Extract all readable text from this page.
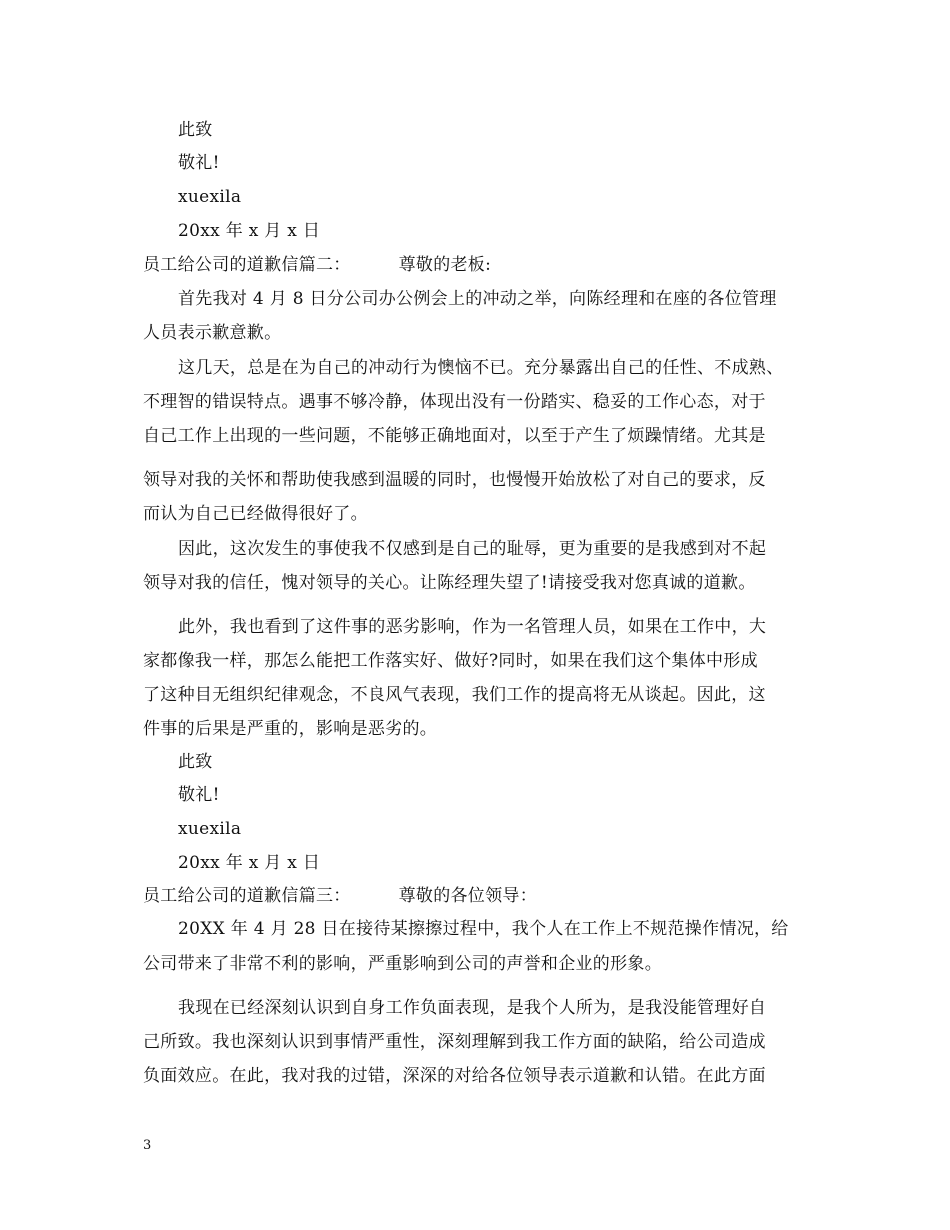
此致
敬礼!
xuexila
20xx 年 x 月 x 日
员工给公司的道歉信篇二：	尊敬的老板:
首先我对 4 月 8 日分公司办公例会上的冲动之举，向陈经理和在座的各位管理
人员表示歉意歉。
这几天，总是在为自己的冲动行为懊恼不已。充分暴露出自己的任性、不成熟、
不理智的错误特点。遇事不够冷静，体现出没有一份踏实、稳妥的工作心态，对于
自己工作上出现的一些问题，不能够正确地面对，以至于产生了烦躁情绪。尤其是
领导对我的关怀和帮助使我感到温暖的同时，也慢慢开始放松了对自己的要求，反
而认为自己已经做得很好了。
因此，这次发生的事使我不仅感到是自己的耻辱，更为重要的是我感到对不起
领导对我的信任，愧对领导的关心。让陈经理失望了!请接受我对您真诚的道歉。
此外，我也看到了这件事的恶劣影响，作为一名管理人员，如果在工作中，大
家都像我一样，那怎么能把工作落实好、做好?同时，如果在我们这个集体中形成
了这种目无组织纪律观念，不良风气表现，我们工作的提高将无从谈起。因此，这
件事的后果是严重的，影响是恶劣的。
此致
敬礼!
xuexila
20xx 年 x 月 x 日
员工给公司的道歉信篇三：	尊敬的各位领导：
20XX 年 4 月 28 日在接待某擦擦过程中，我个人在工作上不规范操作情况，给
公司带来了非常不利的影响，严重影响到公司的声誉和企业的形象。
我现在已经深刻认识到自身工作负面表现，是我个人所为，是我没能管理好自
己所致。我也深刻认识到事情严重性，深刻理解到我工作方面的缺陷，给公司造成
负面效应。在此，我对我的过错，深深的对给各位领导表示道歉和认错。在此方面
3
